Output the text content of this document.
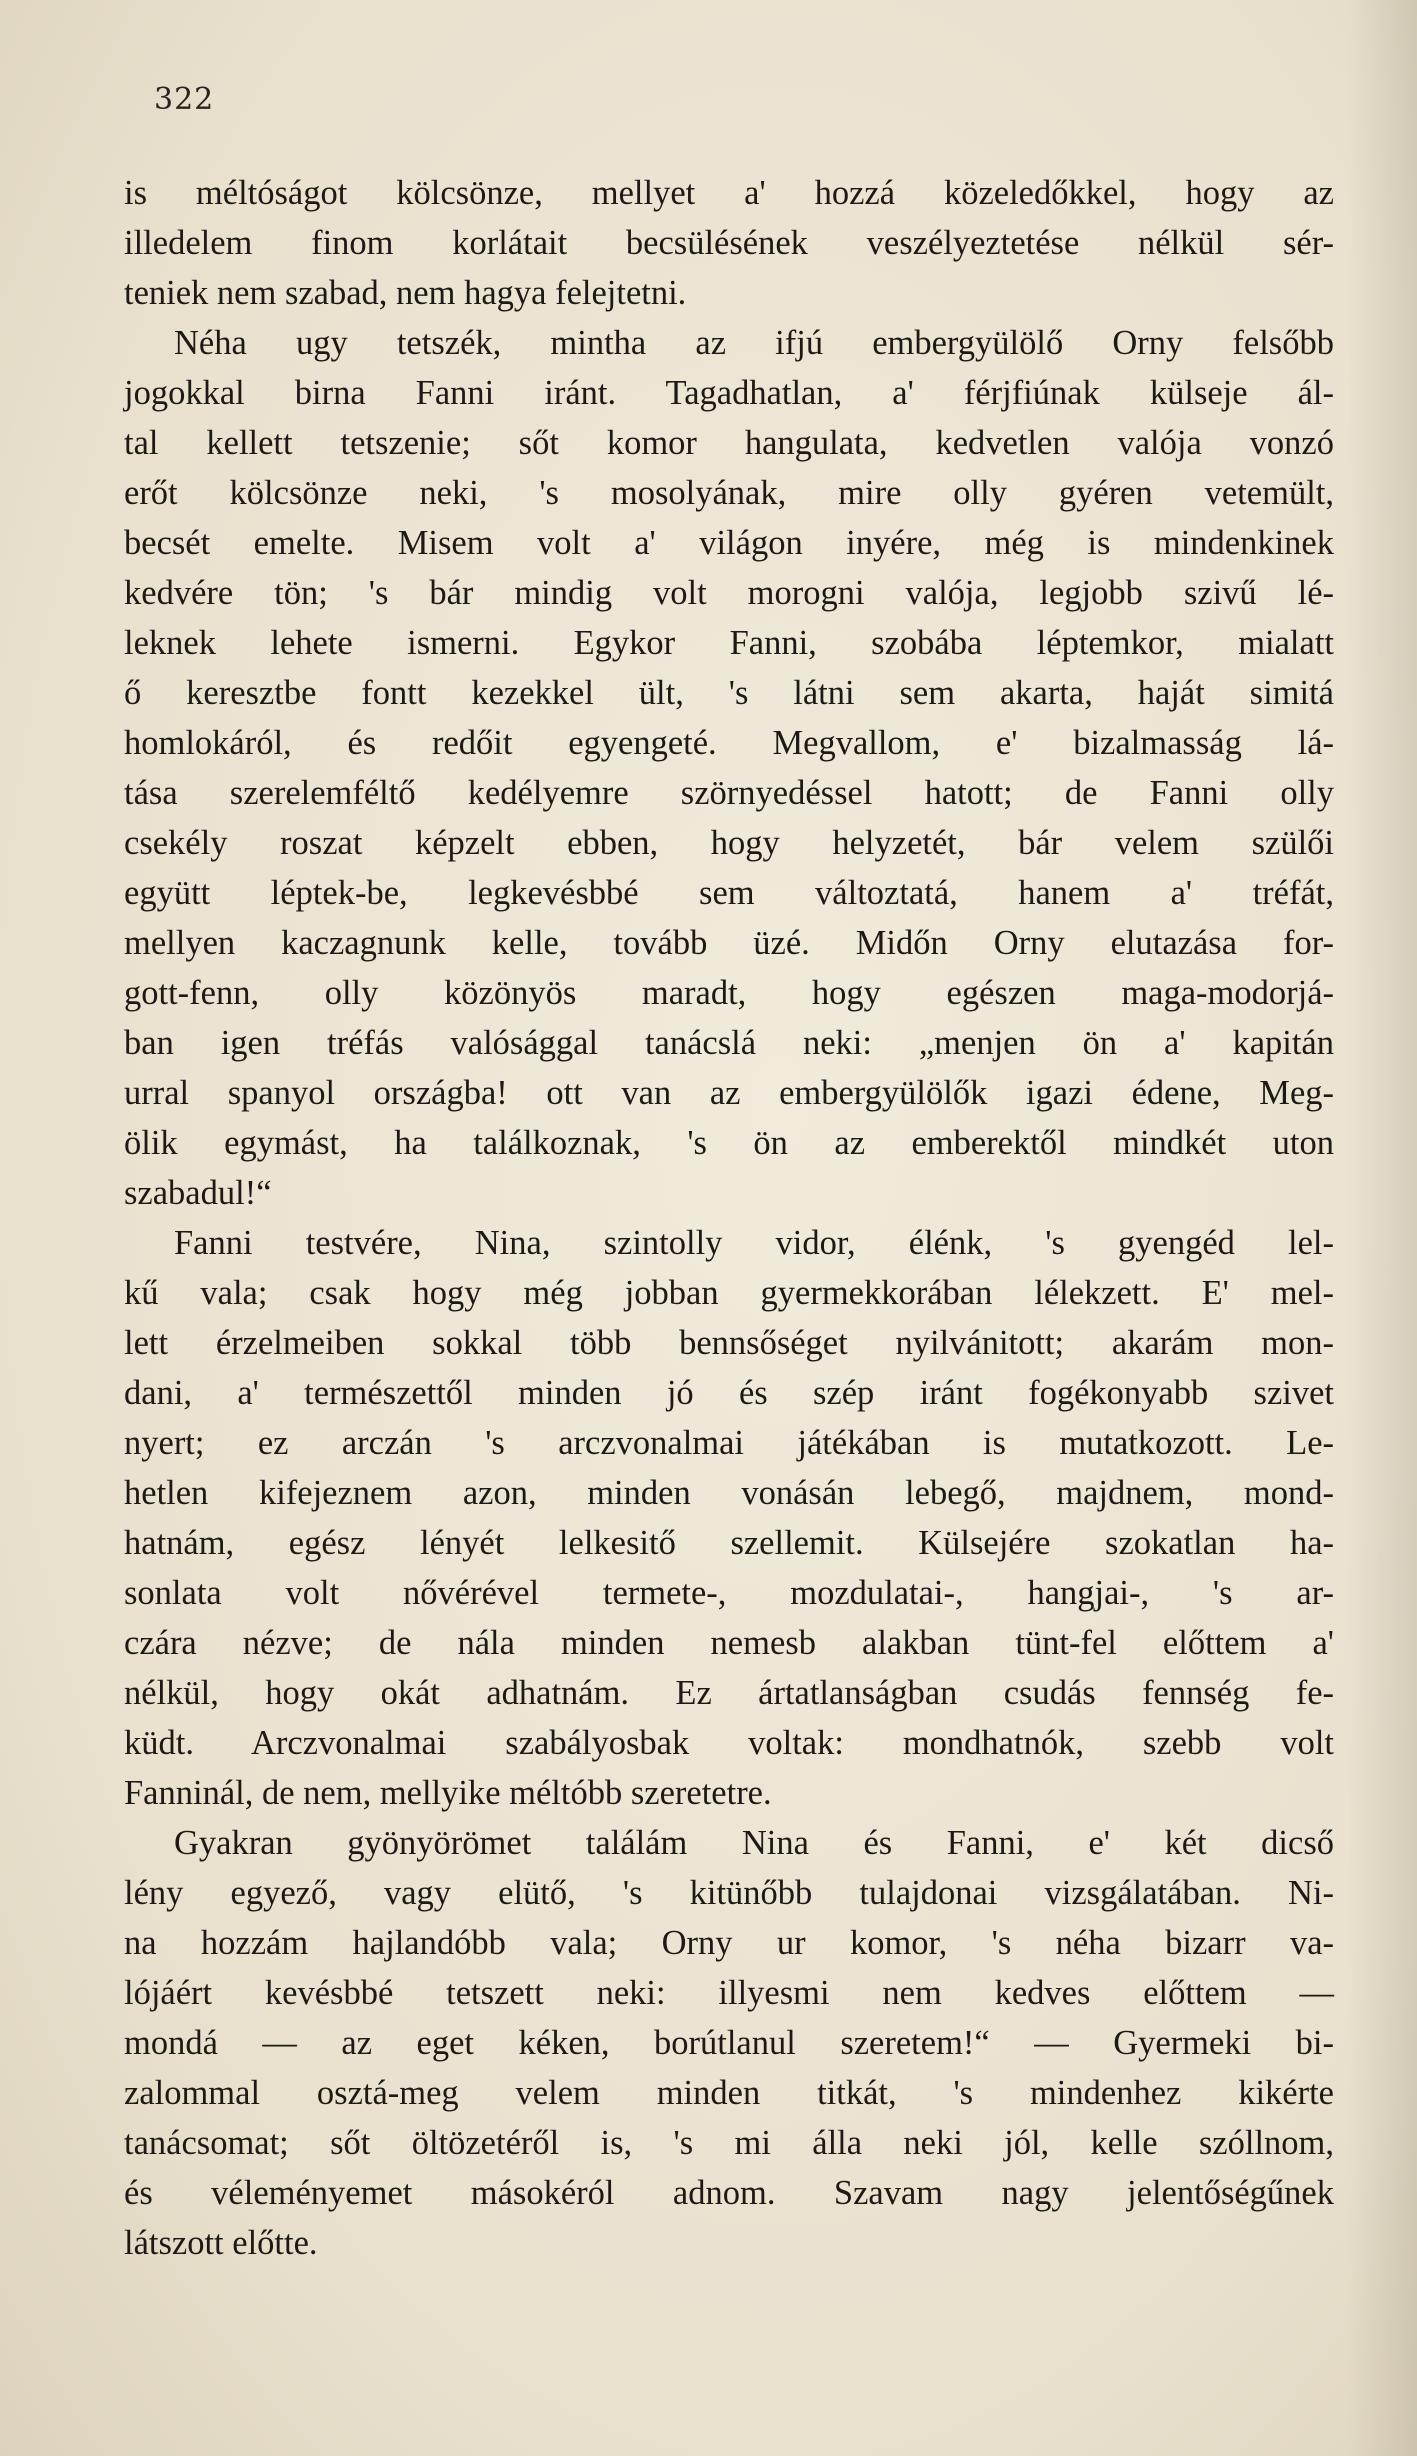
322
is méltóságot kölcsönze, mellyet a' hozzá közeledőkkel, hogy az
illedelem finom korlátait becsülésének veszélyeztetése nélkül sér-
teniek nem szabad, nem hagya felejtetni.
Néha ugy tetszék, mintha az ifjú embergyülölő Orny felsőbb
jogokkal birna Fanni iránt. Tagadhatlan, a' férjfiúnak külseje ál-
tal kellett tetszenie; sőt komor hangulata, kedvetlen valója vonzó
erőt kölcsönze neki, 's mosolyának, mire olly gyéren vetemült,
becsét emelte. Misem volt a' világon inyére, még is mindenkinek
kedvére tön; 's bár mindig volt morogni valója, legjobb szivű lé-
leknek lehete ismerni. Egykor Fanni, szobába léptemkor, mialatt
ő keresztbe fontt kezekkel ült, 's látni sem akarta, haját simitá
homlokáról, és redőit egyengeté. Megvallom, e' bizalmasság lá-
tása szerelemféltő kedélyemre szörnyedéssel hatott; de Fanni olly
csekély roszat képzelt ebben, hogy helyzetét, bár velem szülői
együtt léptek-be, legkevésbbé sem változtatá, hanem a' tréfát,
mellyen kaczagnunk kelle, tovább üzé. Midőn Orny elutazása for-
gott-fenn, olly közönyös maradt, hogy egészen maga-modorjá-
ban igen tréfás valósággal tanácslá neki: „menjen ön a' kapitán
urral spanyol országba! ott van az embergyülölők igazi édene, Meg-
ölik egymást, ha találkoznak, 's ön az emberektől mindkét uton
szabadul!“
Fanni testvére, Nina, szintolly vidor, élénk, 's gyengéd lel-
kű vala; csak hogy még jobban gyermekkorában lélekzett. E' mel-
lett érzelmeiben sokkal több bennsőséget nyilvánitott; akarám mon-
dani, a' természettől minden jó és szép iránt fogékonyabb szivet
nyert; ez arczán 's arczvonalmai játékában is mutatkozott. Le-
hetlen kifejeznem azon, minden vonásán lebegő, majdnem, mond-
hatnám, egész lényét lelkesitő szellemit. Külsejére szokatlan ha-
sonlata volt nővérével termete-, mozdulatai-, hangjai-, 's ar-
czára nézve; de nála minden nemesb alakban tünt-fel előttem a'
nélkül, hogy okát adhatnám. Ez ártatlanságban csudás fennség fe-
küdt. Arczvonalmai szabályosbak voltak: mondhatnók, szebb volt
Fanninál, de nem, mellyike méltóbb szeretetre.
Gyakran gyönyörömet találám Nina és Fanni, e' két dicső
lény egyező, vagy elütő, 's kitünőbb tulajdonai vizsgálatában. Ni-
na hozzám hajlandóbb vala; Orny ur komor, 's néha bizarr va-
lójáért kevésbbé tetszett neki: illyesmi nem kedves előttem —
mondá — az eget kéken, borútlanul szeretem!“ — Gyermeki bi-
zalommal osztá-meg velem minden titkát, 's mindenhez kikérte
tanácsomat; sőt öltözetéről is, 's mi álla neki jól, kelle szóllnom,
és véleményemet másokéról adnom. Szavam nagy jelentőségűnek
látszott előtte.
